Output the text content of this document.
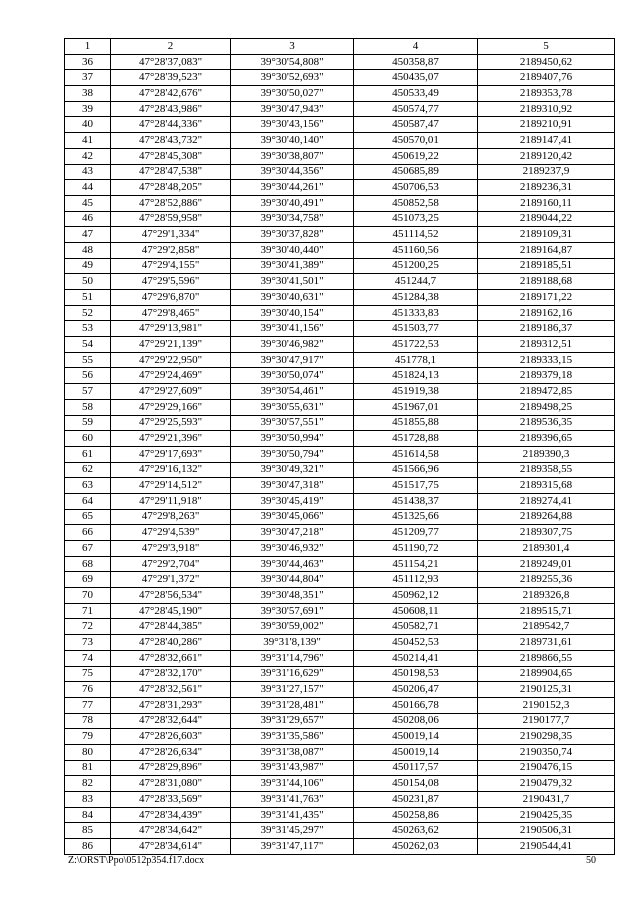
1	2	3	4	5
36	47°28'37,083"	39°30'54,808"	450358,87	2189450,62
37	47°28'39,523"	39°30'52,693"	450435,07	2189407,76
38	47°28'42,676"	39°30'50,027"	450533,49	2189353,78
39	47°28'43,986"	39°30'47,943"	450574,77	2189310,92
40	47°28'44,336"	39°30'43,156"	450587,47	2189210,91
41	47°28'43,732"	39°30'40,140"	450570,01	2189147,41
42	47°28'45,308"	39°30'38,807"	450619,22	2189120,42
43	47°28'47,538"	39°30'44,356"	450685,89	2189237,9
44	47°28'48,205"	39°30'44,261"	450706,53	2189236,31
45	47°28'52,886"	39°30'40,491"	450852,58	2189160,11
46	47°28'59,958"	39°30'34,758"	451073,25	2189044,22
47	47°29'1,334"	39°30'37,828"	451114,52	2189109,31
48	47°29'2,858"	39°30'40,440"	451160,56	2189164,87
49	47°29'4,155"	39°30'41,389"	451200,25	2189185,51
50	47°29'5,596"	39°30'41,501"	451244,7	2189188,68
51	47°29'6,870"	39°30'40,631"	451284,38	2189171,22
52	47°29'8,465"	39°30'40,154"	451333,83	2189162,16
53	47°29'13,981"	39°30'41,156"	451503,77	2189186,37
54	47°29'21,139"	39°30'46,982"	451722,53	2189312,51
55	47°29'22,950"	39°30'47,917"	451778,1	2189333,15
56	47°29'24,469"	39°30'50,074"	451824,13	2189379,18
57	47°29'27,609"	39°30'54,461"	451919,38	2189472,85
58	47°29'29,166"	39°30'55,631"	451967,01	2189498,25
59	47°29'25,593"	39°30'57,551"	451855,88	2189536,35
60	47°29'21,396"	39°30'50,994"	451728,88	2189396,65
61	47°29'17,693"	39°30'50,794"	451614,58	2189390,3
62	47°29'16,132"	39°30'49,321"	451566,96	2189358,55
63	47°29'14,512"	39°30'47,318"	451517,75	2189315,68
64	47°29'11,918"	39°30'45,419"	451438,37	2189274,41
65	47°29'8,263"	39°30'45,066"	451325,66	2189264,88
66	47°29'4,539"	39°30'47,218"	451209,77	2189307,75
67	47°29'3,918"	39°30'46,932"	451190,72	2189301,4
68	47°29'2,704"	39°30'44,463"	451154,21	2189249,01
69	47°29'1,372"	39°30'44,804"	451112,93	2189255,36
70	47°28'56,534"	39°30'48,351"	450962,12	2189326,8
71	47°28'45,190"	39°30'57,691"	450608,11	2189515,71
72	47°28'44,385"	39°30'59,002"	450582,71	2189542,7
73	47°28'40,286"	39°31'8,139"	450452,53	2189731,61
74	47°28'32,661"	39°31'14,796"	450214,41	2189866,55
75	47°28'32,170"	39°31'16,629"	450198,53	2189904,65
76	47°28'32,561"	39°31'27,157"	450206,47	2190125,31
77	47°28'31,293"	39°31'28,481"	450166,78	2190152,3
78	47°28'32,644"	39°31'29,657"	450208,06	2190177,7
79	47°28'26,603"	39°31'35,586"	450019,14	2190298,35
80	47°28'26,634"	39°31'38,087"	450019,14	2190350,74
81	47°28'29,896"	39°31'43,987"	450117,57	2190476,15
82	47°28'31,080"	39°31'44,106"	450154,08	2190479,32
83	47°28'33,569"	39°31'41,763"	450231,87	2190431,7
84	47°28'34,439"	39°31'41,435"	450258,86	2190425,35
85	47°28'34,642"	39°31'45,297"	450263,62	2190506,31
86	47°28'34,614"	39°31'47,117"	450262,03	2190544,41
Z:\ORST\Ppo\0512p354.f17.docx	50
